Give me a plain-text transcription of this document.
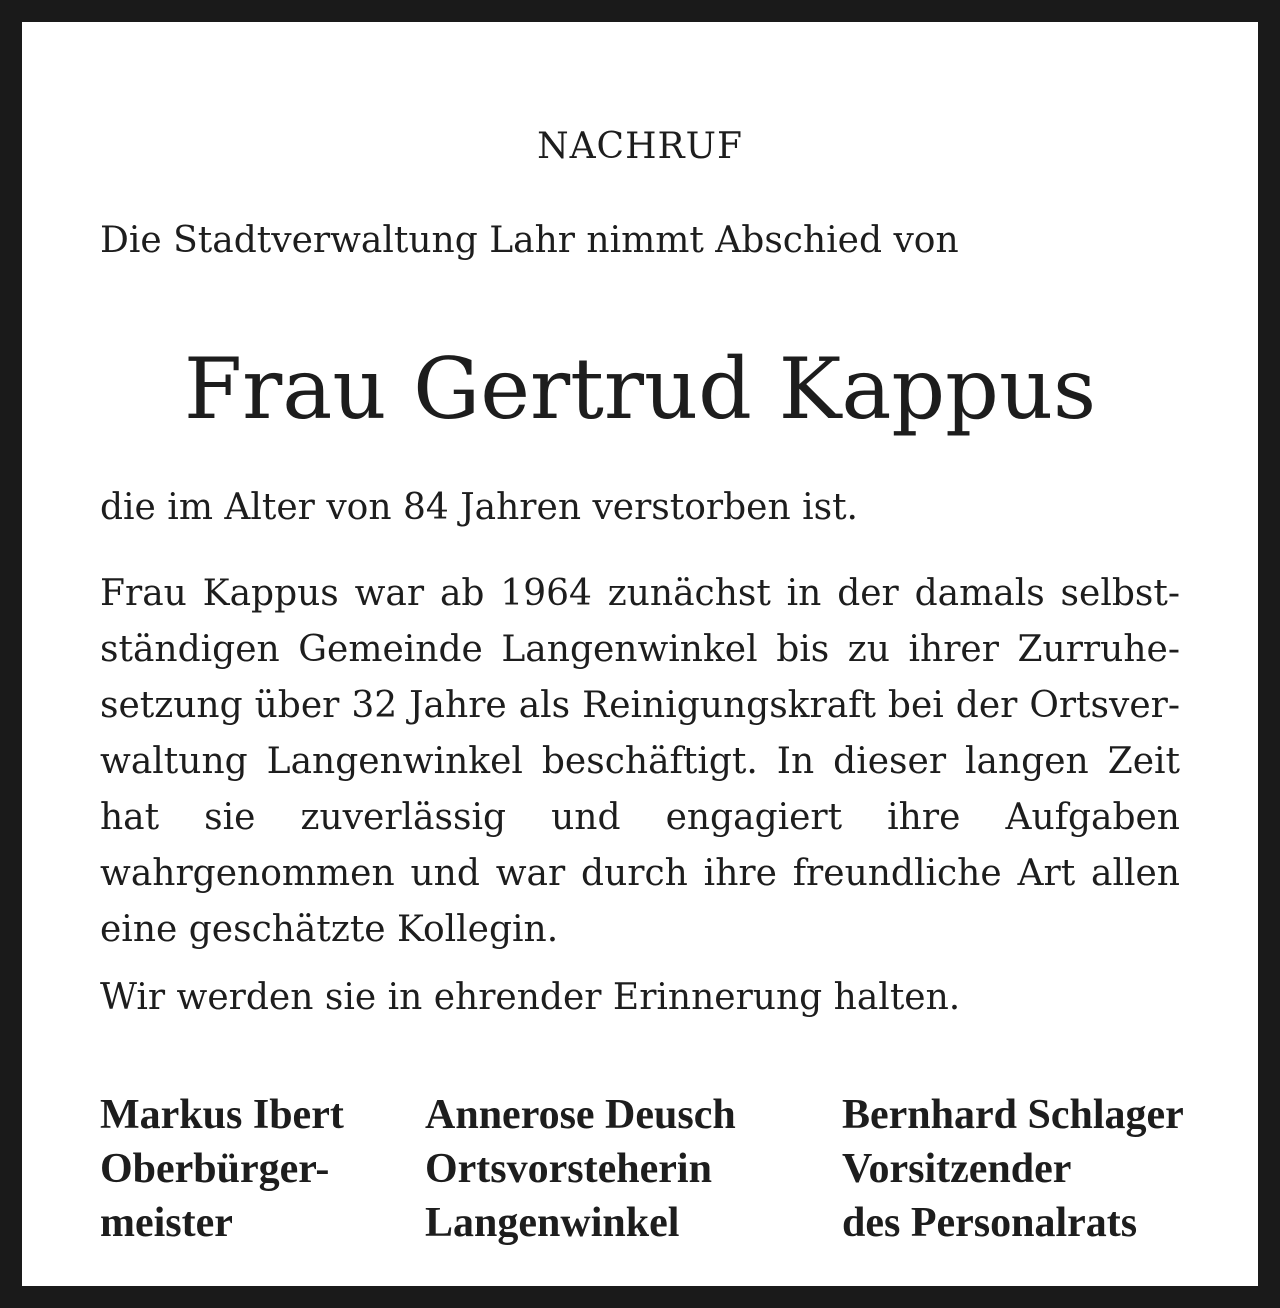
NACHRUF
Die Stadtverwaltung Lahr nimmt Abschied von
Frau Gertrud Kappus
die im Alter von 84 Jahren verstorben ist.
Frau Kappus war ab 1964 zunächst in der damals selbstständigen Gemeinde Langenwinkel bis zu ihrer Zurruhesetzung über 32 Jahre als Reinigungskraft bei der Ortsverwaltung Langenwinkel beschäftigt. In dieser langen Zeit hat sie zuverlässig und engagiert ihre Aufgaben wahrgenommen und war durch ihre freundliche Art allen eine geschätzte Kollegin.
Wir werden sie in ehrender Erinnerung halten.
Markus Ibert
Oberbürger-
meister
Annerose Deusch
Ortsvorsteherin
Langenwinkel
Bernhard Schlager
Vorsitzender
des Personalrats
